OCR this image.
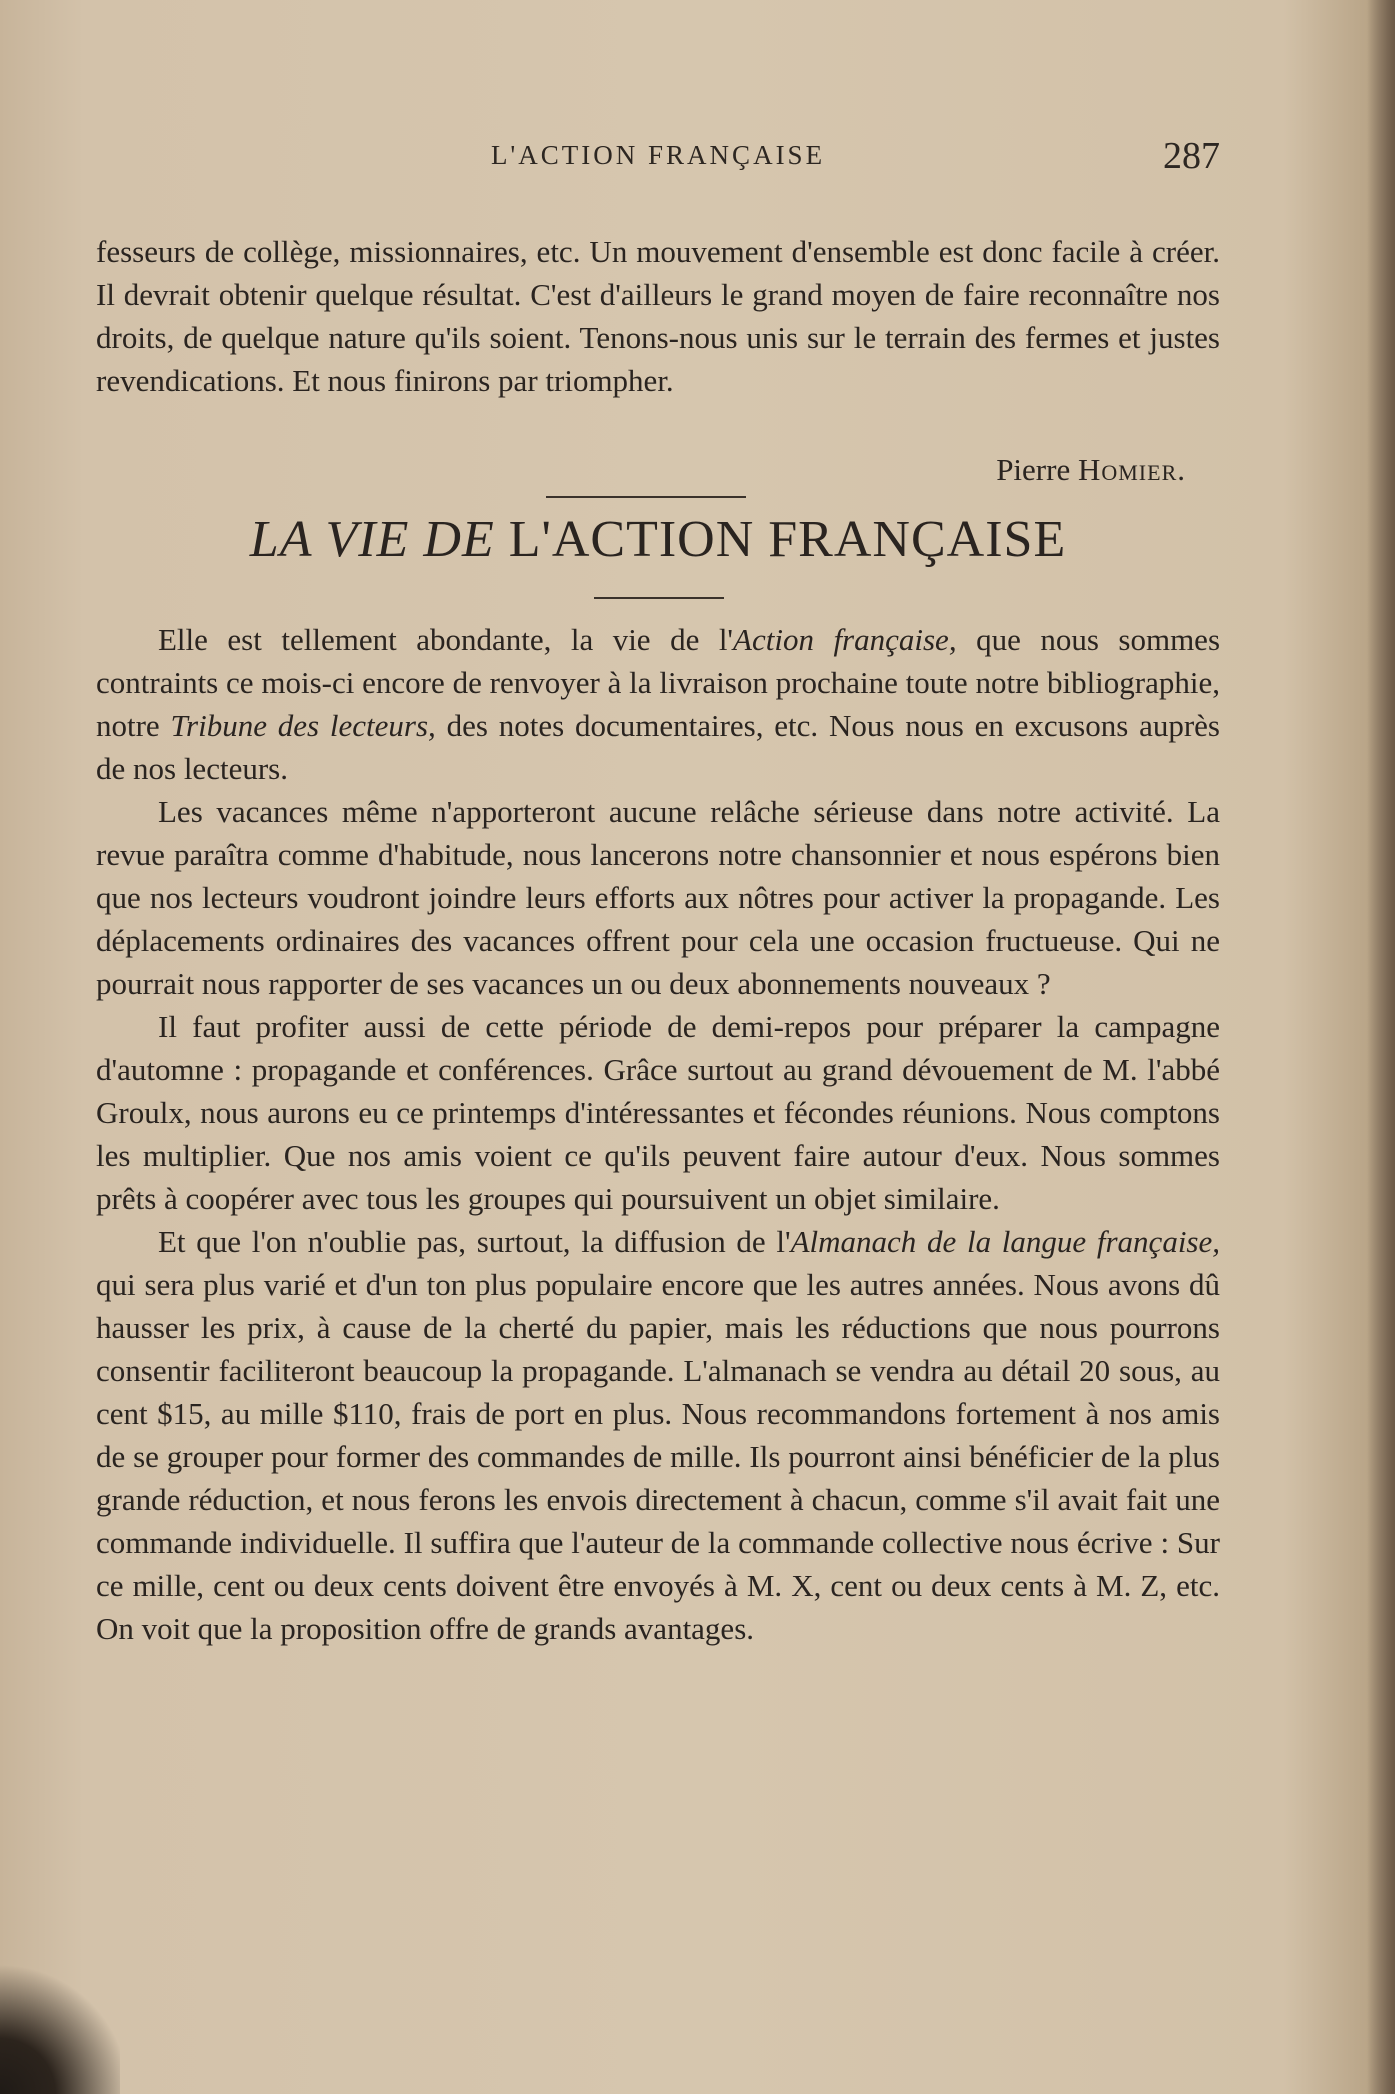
L'ACTION FRANÇAISE	287

fesseurs de collège, missionnaires, etc. Un mouvement d'ensemble est donc facile à créer. Il devrait obtenir quelque résultat. C'est d'ailleurs le grand moyen de faire reconnaître nos droits, de quelque nature qu'ils soient. Tenons-nous unis sur le terrain des fermes et justes revendications. Et nous finirons par triompher.

Pierre Homier.
LA VIE DE L'ACTION FRANÇAISE

Elle est tellement abondante, la vie de l'Action française, que nous sommes contraints ce mois-ci encore de renvoyer à la livraison prochaine toute notre bibliographie, notre Tribune des lecteurs, des notes documentaires, etc. Nous nous en excusons auprès de nos lecteurs.

Les vacances même n'apporteront aucune relâche sérieuse dans notre activité. La revue paraîtra comme d'habitude, nous lancerons notre chansonnier et nous espérons bien que nos lecteurs voudront joindre leurs efforts aux nôtres pour activer la propagande. Les déplacements ordinaires des vacances offrent pour cela une occasion fructueuse. Qui ne pourrait nous rapporter de ses vacances un ou deux abonnements nouveaux ?

Il faut profiter aussi de cette période de demi-repos pour préparer la campagne d'automne : propagande et conférences. Grâce surtout au grand dévouement de M. l'abbé Groulx, nous aurons eu ce printemps d'intéressantes et fécondes réunions. Nous comptons les multiplier. Que nos amis voient ce qu'ils peuvent faire autour d'eux. Nous sommes prêts à coopérer avec tous les groupes qui poursuivent un objet similaire.

Et que l'on n'oublie pas, surtout, la diffusion de l'Almanach de la langue française, qui sera plus varié et d'un ton plus populaire encore que les autres années. Nous avons dû hausser les prix, à cause de la cherté du papier, mais les réductions que nous pourrons consentir faciliteront beaucoup la propagande. L'almanach se vendra au détail 20 sous, au cent $15, au mille $110, frais de port en plus. Nous recommandons fortement à nos amis de se grouper pour former des commandes de mille. Ils pourront ainsi bénéficier de la plus grande réduction, et nous ferons les envois directement à chacun, comme s'il avait fait une commande individuelle. Il suffira que l'auteur de la commande collective nous écrive : Sur ce mille, cent ou deux cents doivent être envoyés à M. X, cent ou deux cents à M. Z, etc. On voit que la proposition offre de grands avantages.
